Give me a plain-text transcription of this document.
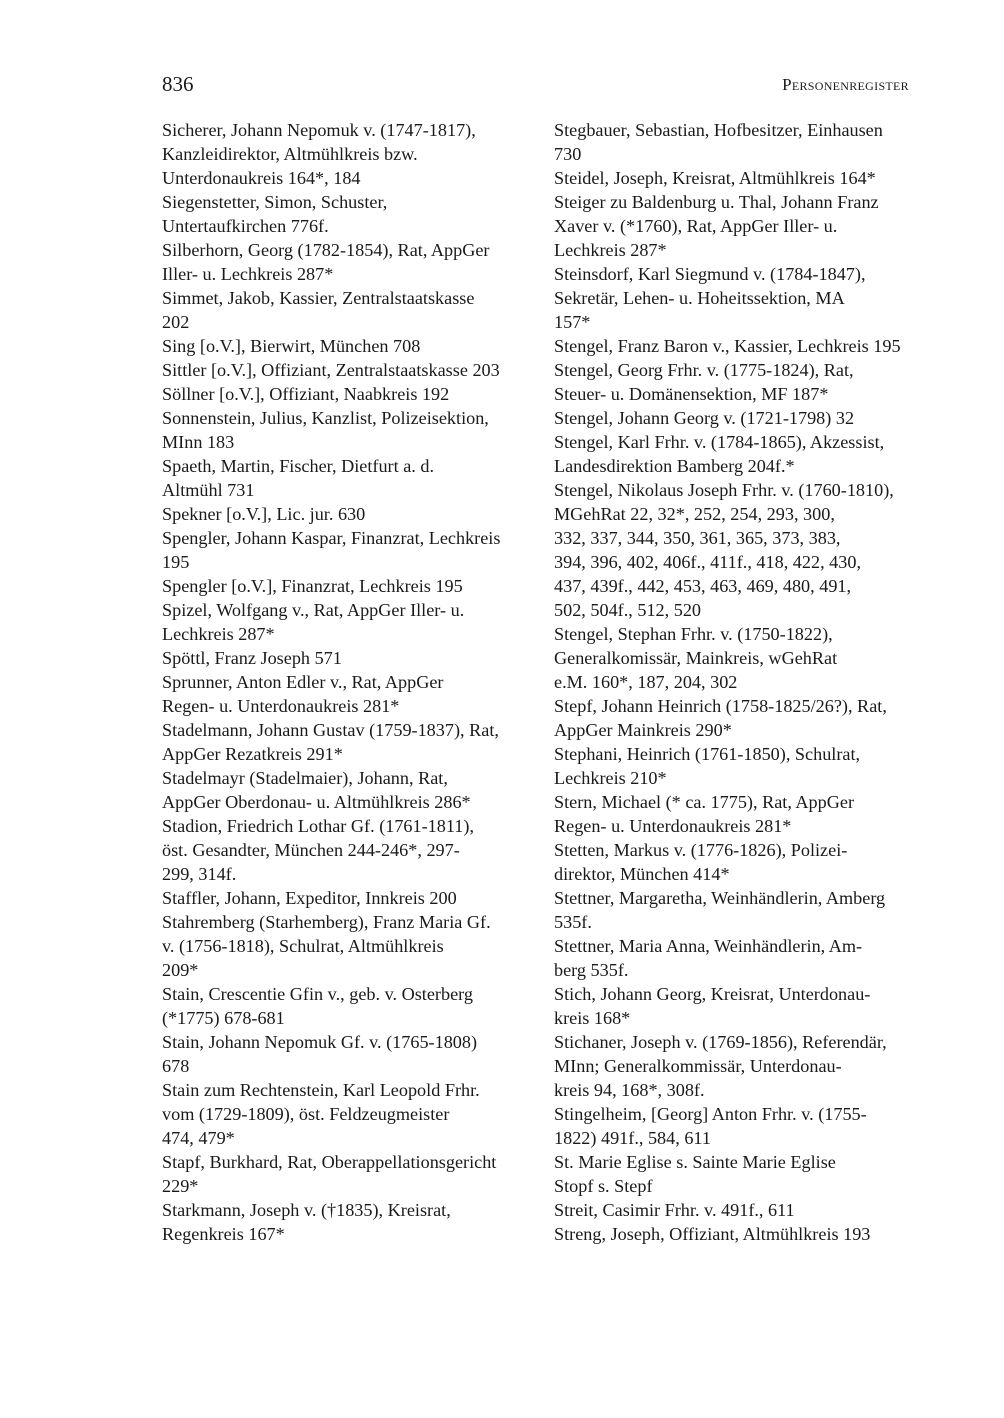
836	Personenregister

Sicherer, Johann Nepomuk v. (1747-1817),
Kanzleidirektor, Altmühlkreis bzw.
Unterdonaukreis 164*, 184

Siegenstetter, Simon, Schuster,
Untertaufkirchen 776f.

Silberhorn, Georg (1782-1854), Rat, AppGer
Iller- u. Lechkreis 287*

Simmet, Jakob, Kassier, Zentralstaatskasse
202

Sing [o.V.], Bierwirt, München 708

Sittler [o.V.], Offiziant, Zentralstaatskasse 203

Söllner [o.V.], Offiziant, Naabkreis 192

Sonnenstein, Julius, Kanzlist, Polizeisektion,
MInn 183

Spaeth, Martin, Fischer, Dietfurt a. d.
Altmühl 731

Spekner [o.V.], Lic. jur. 630

Spengler, Johann Kaspar, Finanzrat, Lechkreis
195

Spengler [o.V.], Finanzrat, Lechkreis 195

Spizel, Wolfgang v., Rat, AppGer Iller- u.
Lechkreis 287*

Spöttl, Franz Joseph 571

Sprunner, Anton Edler v., Rat, AppGer
Regen- u. Unterdonaukreis 281*

Stadelmann, Johann Gustav (1759-1837), Rat,
AppGer Rezatkreis 291*

Stadelmayr (Stadelmaier), Johann, Rat,
AppGer Oberdonau- u. Altmühlkreis 286*

Stadion, Friedrich Lothar Gf. (1761-1811),
öst. Gesandter, München 244-246*, 297-
299, 314f.

Staffler, Johann, Expeditor, Innkreis 200

Stahremberg (Starhemberg), Franz Maria Gf.
v. (1756-1818), Schulrat, Altmühlkreis
209*

Stain, Crescentie Gfin v., geb. v. Osterberg
(*1775) 678-681

Stain, Johann Nepomuk Gf. v. (1765-1808)
678

Stain zum Rechtenstein, Karl Leopold Frhr.
vom (1729-1809), öst. Feldzeugmeister
474, 479*

Stapf, Burkhard, Rat, Oberappellationsgericht
229*

Starkmann, Joseph v. (†1835), Kreisrat,
Regenkreis 167*

Stegbauer, Sebastian, Hofbesitzer, Einhausen
730

Steidel, Joseph, Kreisrat, Altmühlkreis 164*

Steiger zu Baldenburg u. Thal, Johann Franz
Xaver v. (*1760), Rat, AppGer Iller- u.
Lechkreis 287*

Steinsdorf, Karl Siegmund v. (1784-1847),
Sekretär, Lehen- u. Hoheitssektion, MA
157*

Stengel, Franz Baron v., Kassier, Lechkreis 195

Stengel, Georg Frhr. v. (1775-1824), Rat,
Steuer- u. Domänensektion, MF 187*

Stengel, Johann Georg v. (1721-1798) 32

Stengel, Karl Frhr. v. (1784-1865), Akzessist,
Landesdirektion Bamberg 204f.*

Stengel, Nikolaus Joseph Frhr. v. (1760-1810),
MGehRat 22, 32*, 252, 254, 293, 300,
332, 337, 344, 350, 361, 365, 373, 383,
394, 396, 402, 406f., 411f., 418, 422, 430,
437, 439f., 442, 453, 463, 469, 480, 491,
502, 504f., 512, 520

Stengel, Stephan Frhr. v. (1750-1822),
Generalkomissär, Mainkreis, wGehRat
e.M. 160*, 187, 204, 302

Stepf, Johann Heinrich (1758-1825/26?), Rat,
AppGer Mainkreis 290*

Stephani, Heinrich (1761-1850), Schulrat,
Lechkreis 210*

Stern, Michael (* ca. 1775), Rat, AppGer
Regen- u. Unterdonaukreis 281*

Stetten, Markus v. (1776-1826), Polizei-
direktor, München 414*

Stettner, Margaretha, Weinhändlerin, Amberg
535f.

Stettner, Maria Anna, Weinhändlerin, Am-
berg 535f.

Stich, Johann Georg, Kreisrat, Unterdonau-
kreis 168*

Stichaner, Joseph v. (1769-1856), Referendär,
MInn; Generalkommissär, Unterdonau-
kreis 94, 168*, 308f.

Stingelheim, [Georg] Anton Frhr. v. (1755-
1822) 491f., 584, 611

St. Marie Eglise s. Sainte Marie Eglise

Stopf s. Stepf

Streit, Casimir Frhr. v. 491f., 611

Streng, Joseph, Offiziant, Altmühlkreis 193
